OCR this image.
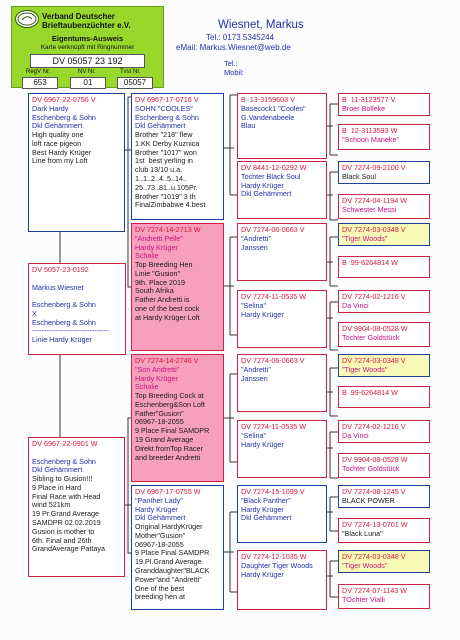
Verband Deutscher
Brieftaubenzüchter e.V.
Eigentums-Ausweis
Karte verknüpft mit Ringnummer
DV 05057 23 192
RegV Nr.	NV Nr.	Tvst Nr.
653	01	05057
Wiesnet, Markus
Tel.: 0173 5345244
eMail: Markus.Wiesnet@web.de
Tel.:
Mobil:
DV 5057-23-0192

Markus Wiesnet

Eschenberg & Sohn
X
Eschenberg & Sohn
--------------------------------
Linie Hardy Krüger
DV 6967-22-0756 V
Dark Hardy
Eschenberg & Sohn
Dkl Gehämmert
High quality one
loft race pigeon
Best Hardy Krüger
Line from my Loft
DV 6967-22-0901 W

Eschenberg & Sohn
Dkl Gehämmert
Sibling to Gusion!!!
9 Place in Hard
Final Race with Head
wind 521km
19 Pr.Grand Average
SAMDPR 02.02.2019
Gusion is mother to
6th. Final and 26th
GrandAverage Pattaya
DV 6967-17-0716 V
SOHN "COOLES"
Eschenberg & Sohn
Dkl Gehämmert
Brother "218" flew
1.KK Derby Kuznica
Brother "1017" won
1st  best yerling in
club 13/10 u.a.
1..1..2..4..5..14..
25..73..81..u.105Pr.
Brother "1019" 3 th
FinalZimbabwe 4.best
DV 7274-14-2713 W
"Andretti Pelle"
Hardy Krüger
Schalie
Top Breeding Hen
Linie "Gusion"
9th. Place 2019
South Afrika
Father Andretti is
one of the best cock
at Hardy Krüger Loft
DV 7274-14-2746 V
"Son Andretti"
Hardy Krüger
Schalie
Top Breeding Cock at
Eschenberg&Son Loft
Father"Gusion"
06967-18-2055
9 Place Final SAMDPR
19 Grand Average
Direkt fromTop Racer
and breeder Andretti
DV 6967-17-0755 W
"Panther Lady"
Hardy Krüger
Dkl Gehämmert
Original HardyKrüger
Mother"Gusion"
06967-18-2055
9 Place Final SAMDPR
19.Pl.Grand Average
Granddaughter"BLACK
Power"and "Andretti"
One of the best
breeding hen at
B  13-3159603 V
Basecock1 "Cooles"
G.Vandenabeele
Blau
DV 8441-12-0292 W
Tochter Black Soul
Hardy Krüger
Dkl Gehämmert
DV 7274-06-0663 V
"Andretti"
Janssen
DV 7274-11-0535 W
"Selina"
Hardy Krüger
DV 7274-06-0663 V
"Andretti"
Janssen
DV 7274-11-0535 W
"Selina"
Hardy Krüger
DV 7274-15-1099 V
"Black Panther"
Hardy Krüger
Dkl Gehämmert
DV 7274-12-1035 W
Daughter Tiger Woods
Hardy Krüger
B  11-3123577 V
Broer Bolleke
B  12-3113593 W
"Schoon Maneke"
DV 7274-09-2100 V
Black Soul
DV 7274-04-1194 W
Schwester Messi
DV 7274-03-0348 V
"Tiger Woods"
B  99-6264814 W
DV 7274-02-1216 V
Da Vinci
DV 9904-08-0528 W
Tochter Goldstück
DV 7274-03-0348 V
"Tiger Woods"
B  99-6264814 W
DV 7274-02-1216 V
Da Vinci
DV 9904-08-0528 W
Tochter Goldstück
DV 7274-08-1245 V
BLACK POWER
DV 7274-13-0701 W
"Black Luna"
DV 7274-03-0348 V
"Tiger Woods"
DV 7274-07-1143 W
TOchter Vialli
